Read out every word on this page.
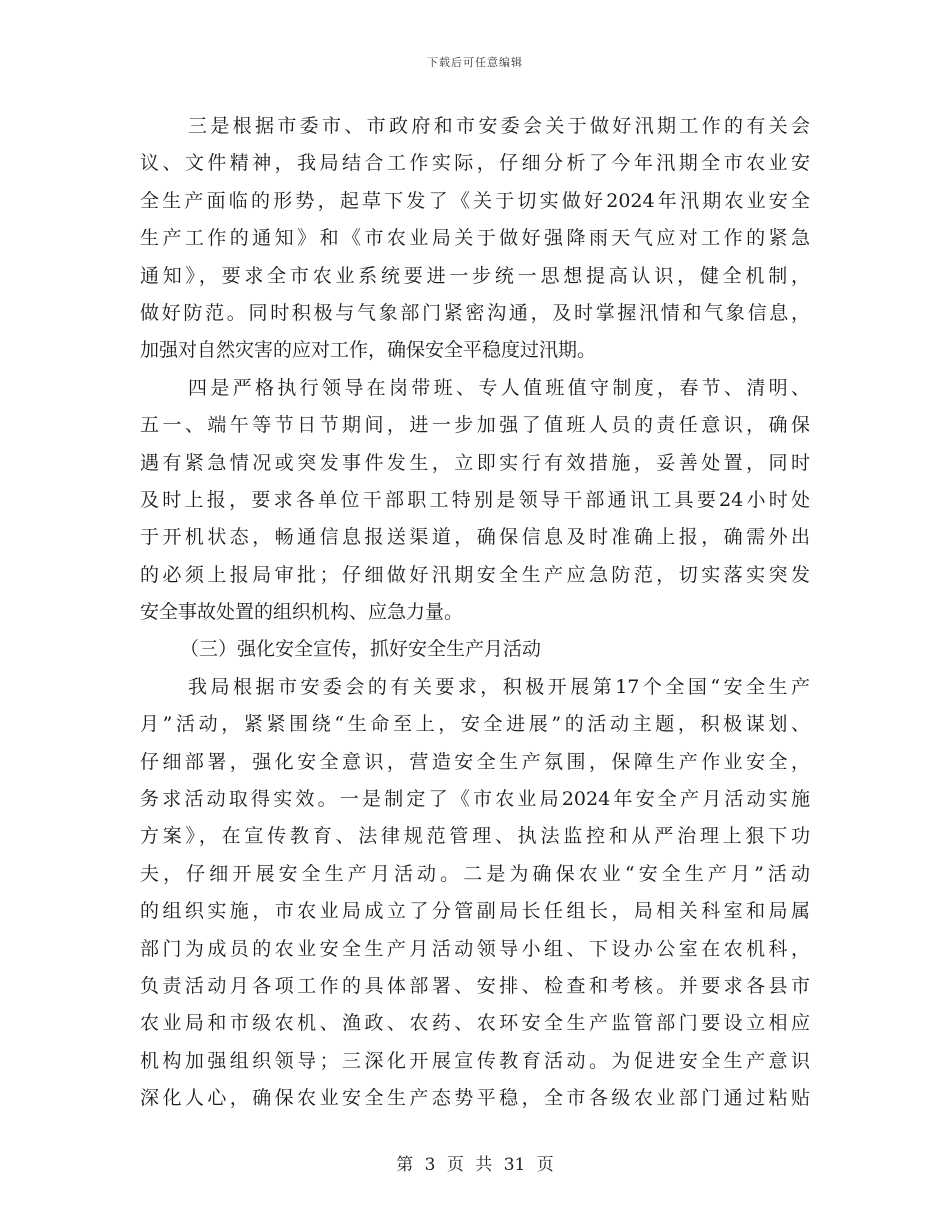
下载后可任意编辑
三是根据市委市、市政府和市安委会关于做好汛期工作的有关会
议、文件精神，我局结合工作实际，仔细分析了今年汛期全市农业安
全生产面临的形势，起草下发了《关于切实做好2024年汛期农业安全
生产工作的通知》和《市农业局关于做好强降雨天气应对工作的紧急
通知》，要求全市农业系统要进一步统一思想提高认识，健全机制，
做好防范。同时积极与气象部门紧密沟通，及时掌握汛情和气象信息，
加强对自然灾害的应对工作，确保安全平稳度过汛期。
四是严格执行领导在岗带班、专人值班值守制度，春节、清明、
五一、端午等节日节期间，进一步加强了值班人员的责任意识，确保
遇有紧急情况或突发事件发生，立即实行有效措施，妥善处置，同时
及时上报，要求各单位干部职工特别是领导干部通讯工具要24小时处
于开机状态，畅通信息报送渠道，确保信息及时准确上报，确需外出
的必须上报局审批；仔细做好汛期安全生产应急防范，切实落实突发
安全事故处置的组织机构、应急力量。
（三）强化安全宣传，抓好安全生产月活动
我局根据市安委会的有关要求，积极开展第17个全国“安全生产
月”活动，紧紧围绕“生命至上，安全进展”的活动主题，积极谋划、
仔细部署，强化安全意识，营造安全生产氛围，保障生产作业安全，
务求活动取得实效。一是制定了《市农业局2024年安全产月活动实施
方案》，在宣传教育、法律规范管理、执法监控和从严治理上狠下功
夫，仔细开展安全生产月活动。二是为确保农业“安全生产月”活动
的组织实施，市农业局成立了分管副局长任组长，局相关科室和局属
部门为成员的农业安全生产月活动领导小组、下设办公室在农机科，
负责活动月各项工作的具体部署、安排、检查和考核。并要求各县市
农业局和市级农机、渔政、农药、农环安全生产监管部门要设立相应
机构加强组织领导；三深化开展宣传教育活动。为促进安全生产意识
深化人心，确保农业安全生产态势平稳，全市各级农业部门通过粘贴
第 3 页 共 31 页
